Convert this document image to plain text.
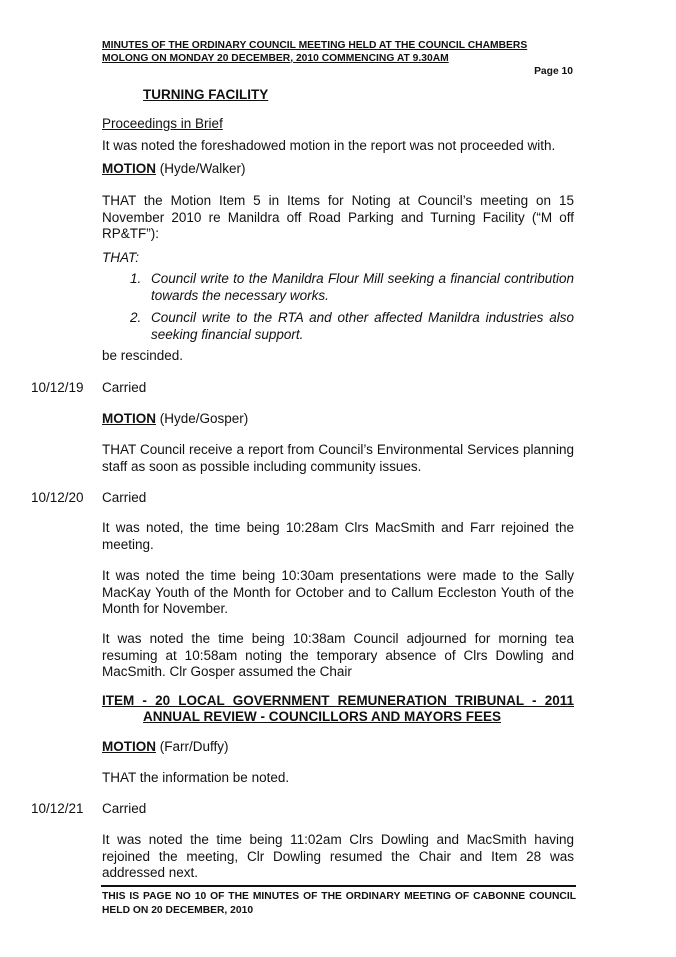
MINUTES OF THE ORDINARY COUNCIL MEETING HELD AT THE COUNCIL CHAMBERS
MOLONG ON MONDAY 20 DECEMBER, 2010 COMMENCING AT 9.30AM
Page 10
TURNING FACILITY
Proceedings in Brief
It was noted the foreshadowed motion in the report was not proceeded with.
MOTION (Hyde/Walker)
THAT the Motion Item 5 in Items for Noting at Council’s meeting on 15 November 2010 re Manildra off Road Parking and Turning Facility (“M off RP&TF”):
THAT:
1. Council write to the Manildra Flour Mill seeking a financial contribution towards the necessary works.
2. Council write to the RTA and other affected Manildra industries also seeking financial support.
be rescinded.
10/12/19 Carried
MOTION (Hyde/Gosper)
THAT Council receive a report from Council’s Environmental Services planning staff as soon as possible including community issues.
10/12/20 Carried
It was noted, the time being 10:28am Clrs MacSmith and Farr rejoined the meeting.
It was noted the time being 10:30am presentations were made to the Sally MacKay Youth of the Month for October and to Callum Eccleston Youth of the Month for November.
It was noted the time being 10:38am Council adjourned for morning tea resuming at 10:58am noting the temporary absence of Clrs Dowling and MacSmith. Clr Gosper assumed the Chair
ITEM - 20 LOCAL GOVERNMENT REMUNERATION TRIBUNAL - 2011
ANNUAL REVIEW - COUNCILLORS AND MAYORS FEES
MOTION (Farr/Duffy)
THAT the information be noted.
10/12/21 Carried
It was noted the time being 11:02am Clrs Dowling and MacSmith having rejoined the meeting, Clr Dowling resumed the Chair and Item 28 was addressed next.
THIS IS PAGE NO 10 OF THE MINUTES OF THE ORDINARY MEETING OF CABONNE COUNCIL HELD ON 20 DECEMBER, 2010
